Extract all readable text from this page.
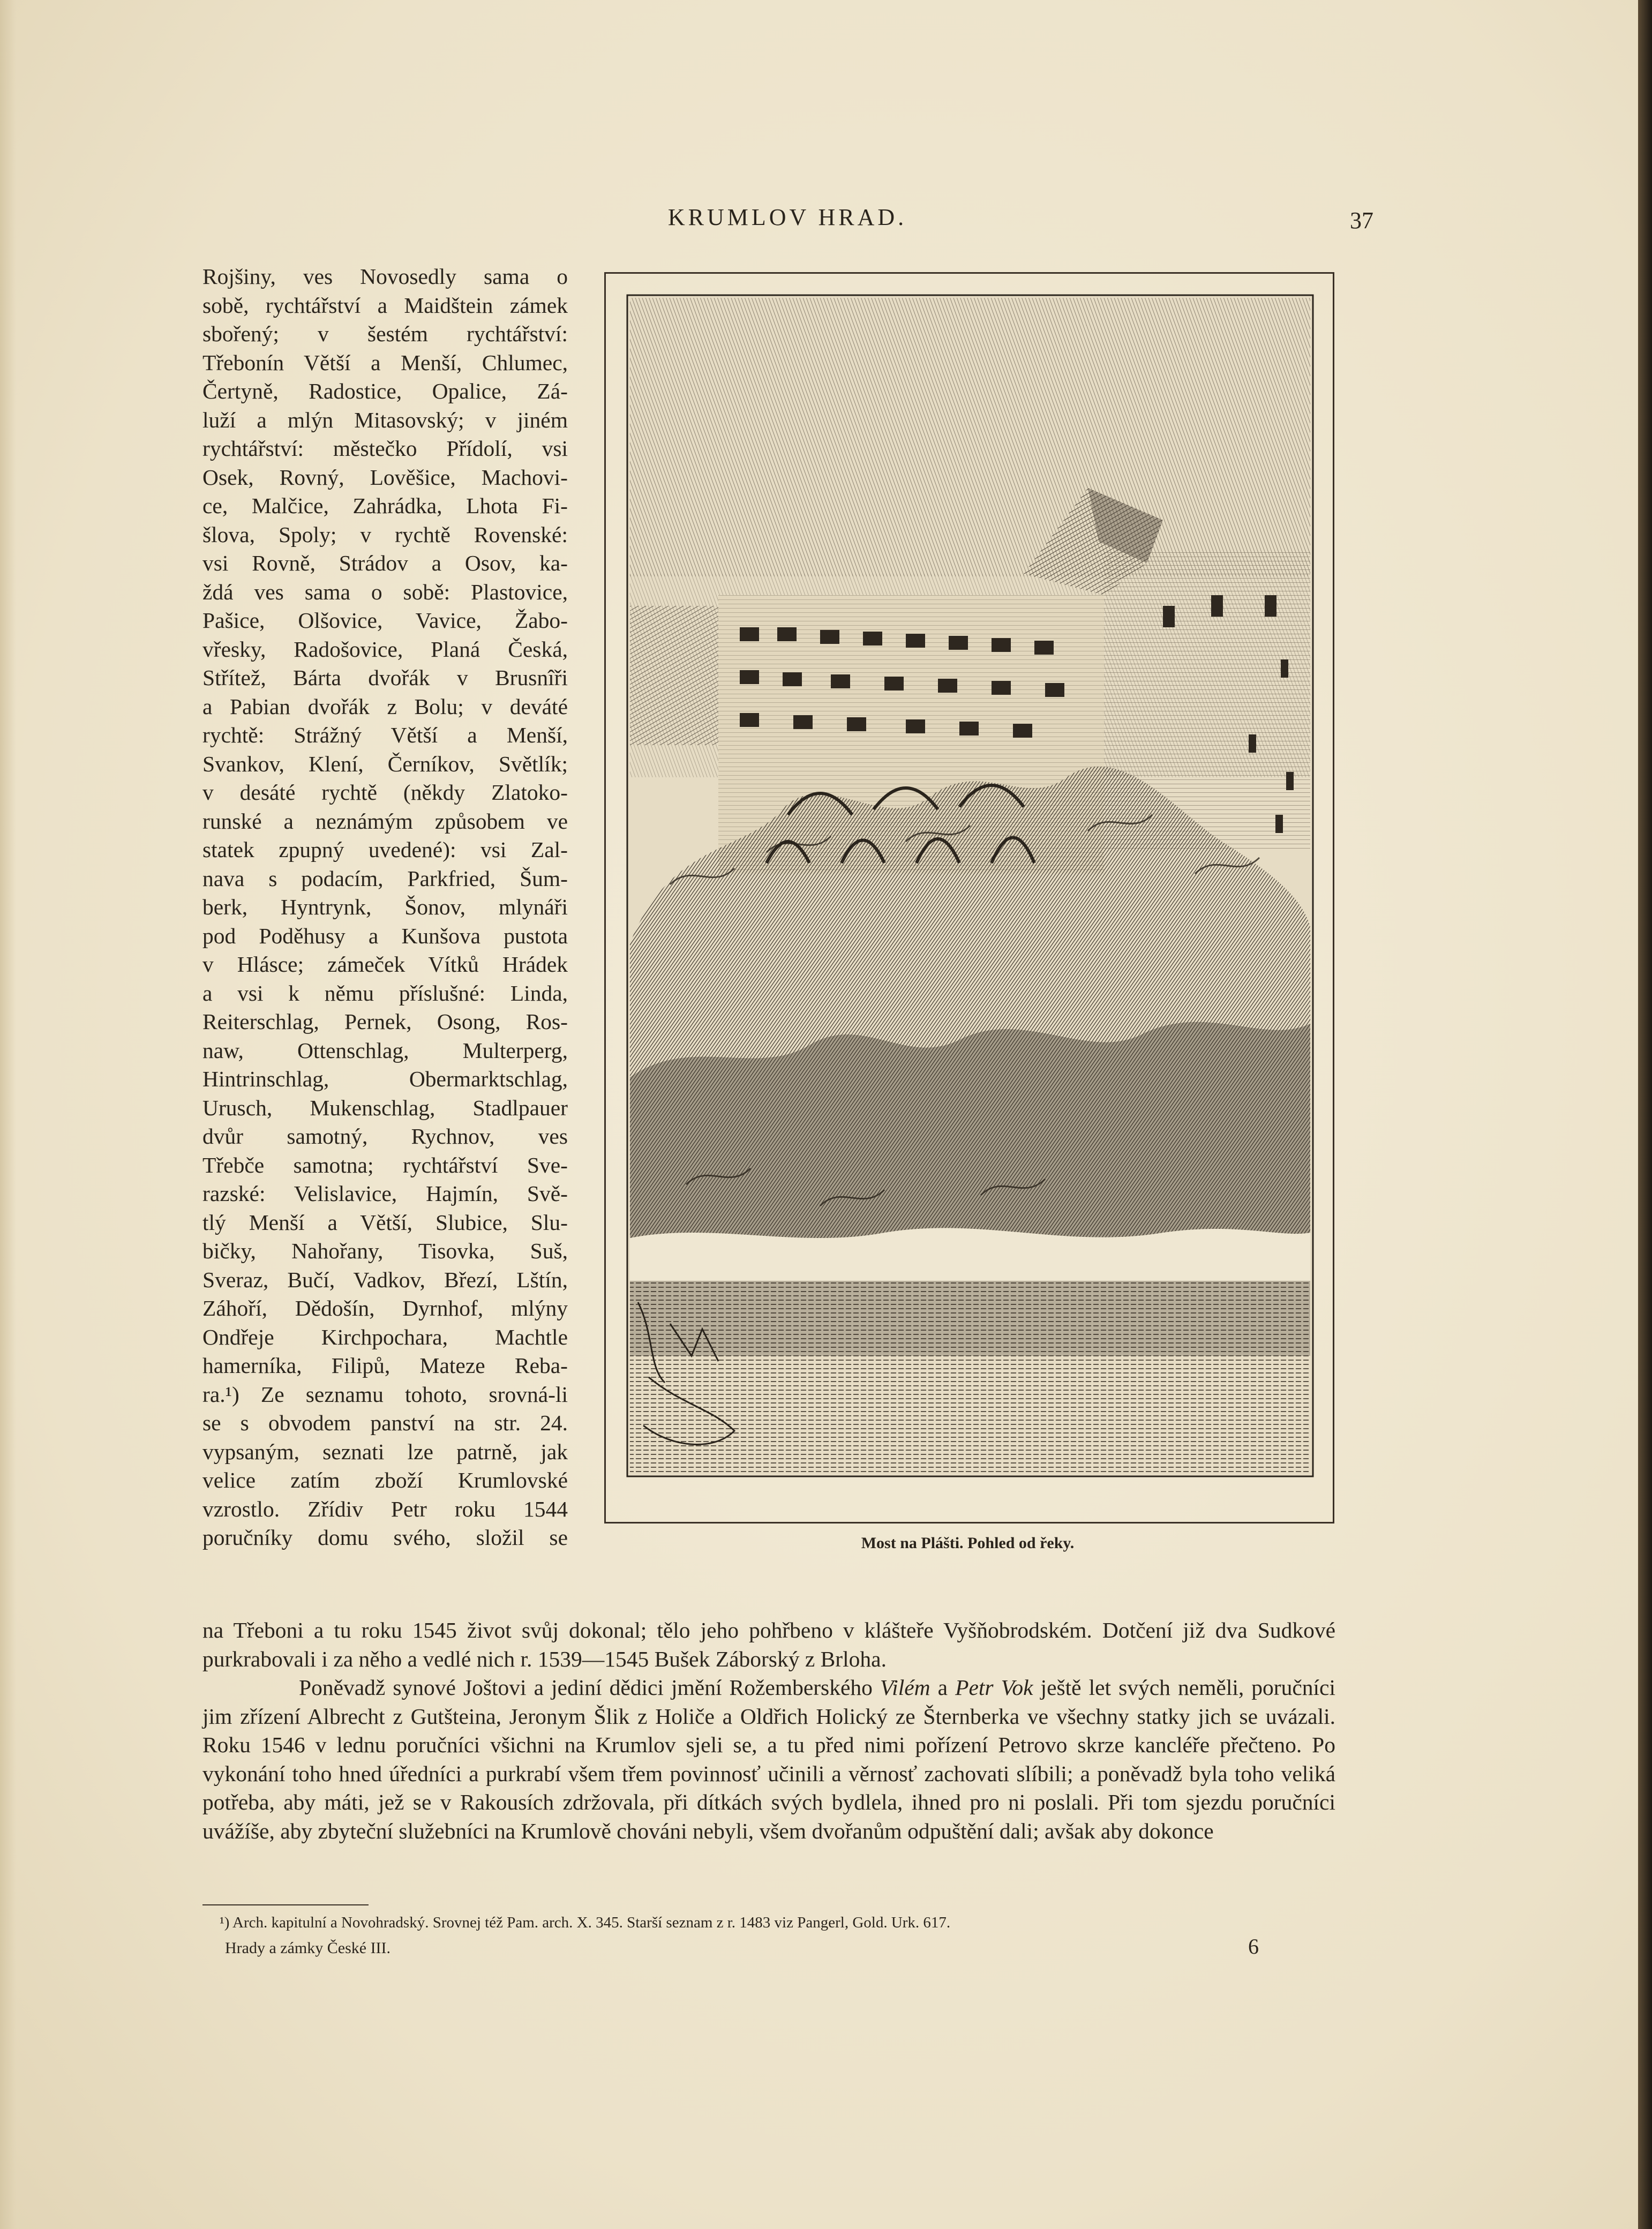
KRUMLOV HRAD.	37

Rojšiny, ves Novosedly sama o

sobě, rychtářství a Maidštein zámek

sbořený; v šestém rychtářství:

Třebonín Větší a Menší, Chlumec,

Čertyně, Radostice, Opalice, Zá-

luží a mlýn Mitasovský; v jiném

rychtářství: městečko Přídolí, vsi

Osek, Rovný, Lověšice, Machovi-

ce, Malčice, Zahrádka, Lhota Fi-

šlova, Spoly; v rychtě Rovenské:

vsi Rovně, Strádov a Osov, ka-

ždá ves sama o sobě: Plastovice,

Pašice, Olšovice, Vavice, Žabo-

vřesky, Radošovice, Planá Česká,

Střítež, Bárta dvořák v Brusnîři

a Pabian dvořák z Bolu; v deváté

rychtě: Strážný Větší a Menší,

Svankov, Klení, Černíkov, Světlík;

v desáté rychtě (někdy Zlatoko-

runské a neznámým způsobem ve

statek zpupný uvedené): vsi Zal-

nava s podacím, Parkfried, Šum-

berk, Hyntrynk, Šonov, mlynáři

pod Poděhusy a Kunšova pustota

v Hlásce; zámeček Vítků Hrádek

a vsi k němu příslušné: Linda,

Reiterschlag, Pernek, Osong, Ros-

naw, Ottenschlag, Multerperg,

Hintrinschlag, Obermarktschlag,

Urusch, Mukenschlag, Stadlpauer

dvůr samotný, Rychnov, ves

Třebče samotna; rychtářství Sve-

razské: Velislavice, Hajmín, Svě-

tlý Menší a Větší, Slubice, Slu-

bičky, Nahořany, Tisovka, Suš,

Sveraz, Bučí, Vadkov, Březí, Lštín,

Záhoří, Dědošín, Dyrnhof, mlýny

Ondřeje Kirchpochara, Machtle

hamerníka, Filipů, Mateze Reba-

ra.¹) Ze seznamu tohoto, srovná-li

se s obvodem panství na str. 24.

vypsaným, seznati lze patrně, jak

velice zatím zboží Krumlovské

vzrostlo. Zřídiv Petr roku 1544

poručníky domu svého, složil se	Most na Plášti. Pohled od řeky.

na Třeboni a tu roku 1545 život svůj dokonal; tělo jeho pohřbeno v klášteře Vyšňobrodském. Dotčení již dva Sudkové purkrabovali i za něho a vedlé nich r. 1539—1545 Bušek Záborský z Brloha.

Poněvadž synové Joštovi a jediní dědici jmění Rožemberského Vilém a Petr Vok ještě let svých neměli, poručníci jim zřízení Albrecht z Gutšteina, Jeronym Šlik z Holiče a Oldřich Holický ze Šternberka ve všechny statky jich se uvázali. Roku 1546 v lednu poručníci všichni na Krumlov sjeli se, a tu před nimi pořízení Petrovo skrze kancléře přečteno. Po vykonání toho hned úředníci a purkrabí všem třem povinnosť učinili a věrnosť zachovati slíbili; a poněvadž byla toho veliká potřeba, aby máti, jež se v Rakousích zdržovala, při dítkách svých bydlela, ihned pro ni poslali. Při tom sjezdu poručníci uvážíše, aby zbyteční služebníci na Krumlově chováni nebyli, všem dvořanům odpuštění dali; avšak aby dokonce

¹) Arch. kapitulní a Novohradský. Srovnej též Pam. arch. X. 345. Starší seznam z r. 1483 viz Pangerl, Gold. Urk. 617.
Hrady a zámky České III.	6
